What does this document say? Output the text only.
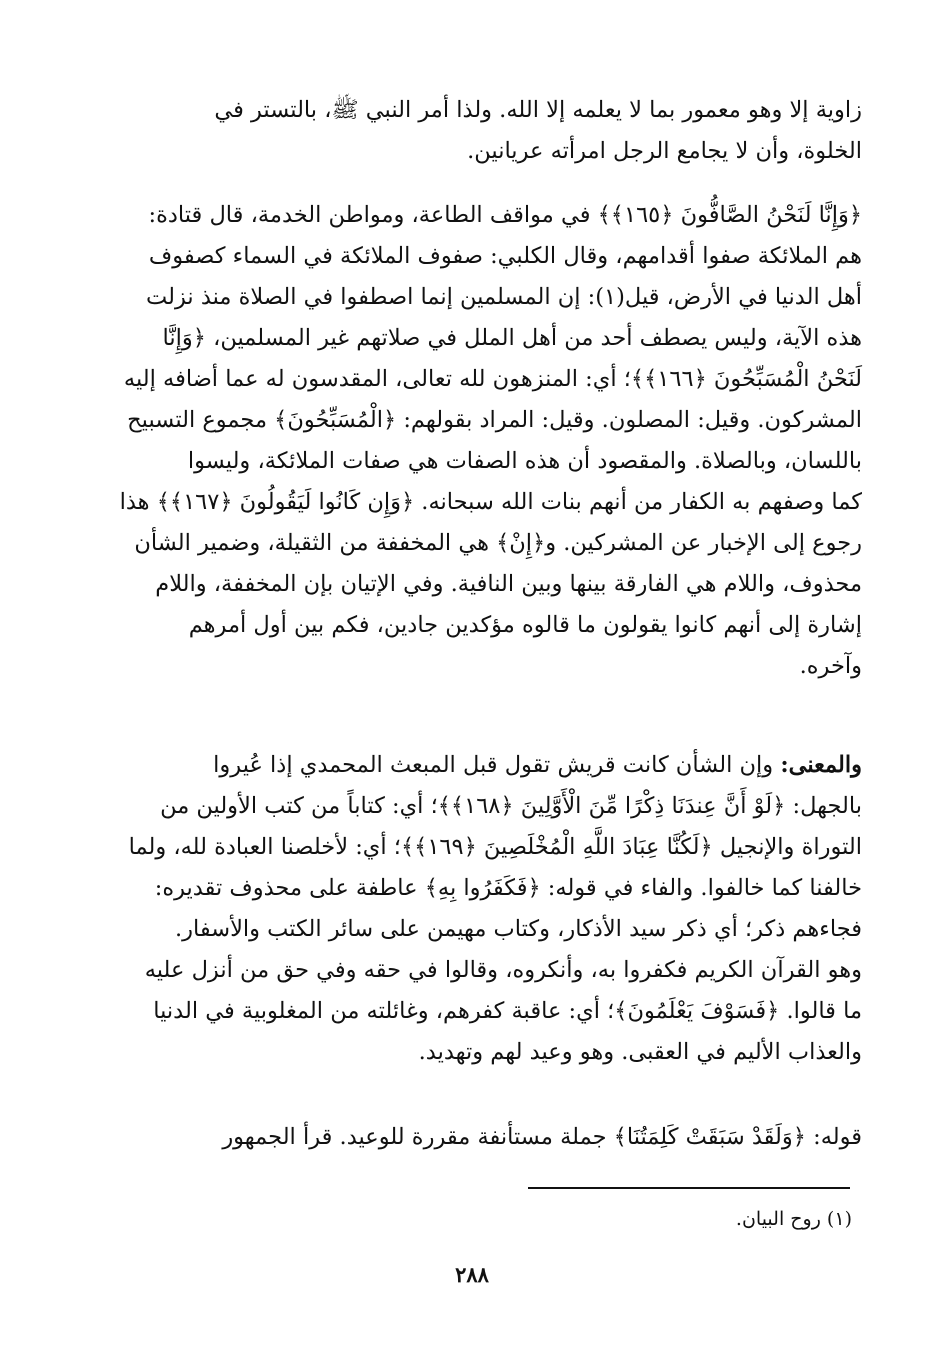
زاوية إلا وهو معمور بما لا يعلمه إلا الله. ولذا أمر النبي ﷺ، بالتستر في

الخلوة، وأن لا يجامع الرجل امرأته عريانين.

﴿وَإِنَّا لَنَحْنُ الصَّافُّونَ ﴿١٦٥﴾﴾ في مواقف الطاعة، ومواطن الخدمة، قال قتادة:

هم الملائكة صفوا أقدامهم، وقال الكلبي: صفوف الملائكة في السماء كصفوف

أهل الدنيا في الأرض، قيل(١): إن المسلمين إنما اصطفوا في الصلاة منذ نزلت

هذه الآية، وليس يصطف أحد من أهل الملل في صلاتهم غير المسلمين، ﴿وَإِنَّا

لَنَحْنُ الْمُسَبِّحُونَ ﴿١٦٦﴾﴾؛ أي: المنزهون لله تعالى، المقدسون له عما أضافه إليه

المشركون. وقيل: المصلون. وقيل: المراد بقولهم: ﴿الْمُسَبِّحُونَ﴾ مجموع التسبيح

باللسان، وبالصلاة. والمقصود أن هذه الصفات هي صفات الملائكة، وليسوا

كما وصفهم به الكفار من أنهم بنات الله سبحانه. ﴿وَإِن كَانُوا لَيَقُولُونَ ﴿١٦٧﴾﴾ هذا

رجوع إلى الإخبار عن المشركين. و﴿إِنْ﴾ هي المخففة من الثقيلة، وضمير الشأن

محذوف، واللام هي الفارقة بينها وبين النافية. وفي الإتيان بإن المخففة، واللام

إشارة إلى أنهم كانوا يقولون ما قالوه مؤكدين جادين، فكم بين أول أمرهم

وآخره.

والمعنى: وإن الشأن كانت قريش تقول قبل المبعث المحمدي إذا عُيروا

بالجهل: ﴿لَوْ أَنَّ عِندَنَا ذِكْرًا مِّنَ الْأَوَّلِينَ ﴿١٦٨﴾﴾؛ أي: كتاباً من كتب الأولين من

التوراة والإنجيل ﴿لَكُنَّا عِبَادَ اللَّهِ الْمُخْلَصِينَ ﴿١٦٩﴾﴾؛ أي: لأخلصنا العبادة لله، ولما

خالفنا كما خالفوا. والفاء في قوله: ﴿فَكَفَرُوا بِهِ﴾ عاطفة على محذوف تقديره:

فجاءهم ذكر؛ أي ذكر سيد الأذكار، وكتاب مهيمن على سائر الكتب والأسفار.

وهو القرآن الكريم فكفروا به، وأنكروه، وقالوا في حقه وفي حق من أنزل عليه

ما قالوا. ﴿فَسَوْفَ يَعْلَمُونَ﴾؛ أي: عاقبة كفرهم، وغائلته من المغلوبية في الدنيا

والعذاب الأليم في العقبى. وهو وعيد لهم وتهديد.

قوله: ﴿وَلَقَدْ سَبَقَتْ كَلِمَتُنَا﴾ جملة مستأنفة مقررة للوعيد. قرأ الجمهور

(١) روح البيان.
٢٨٨
